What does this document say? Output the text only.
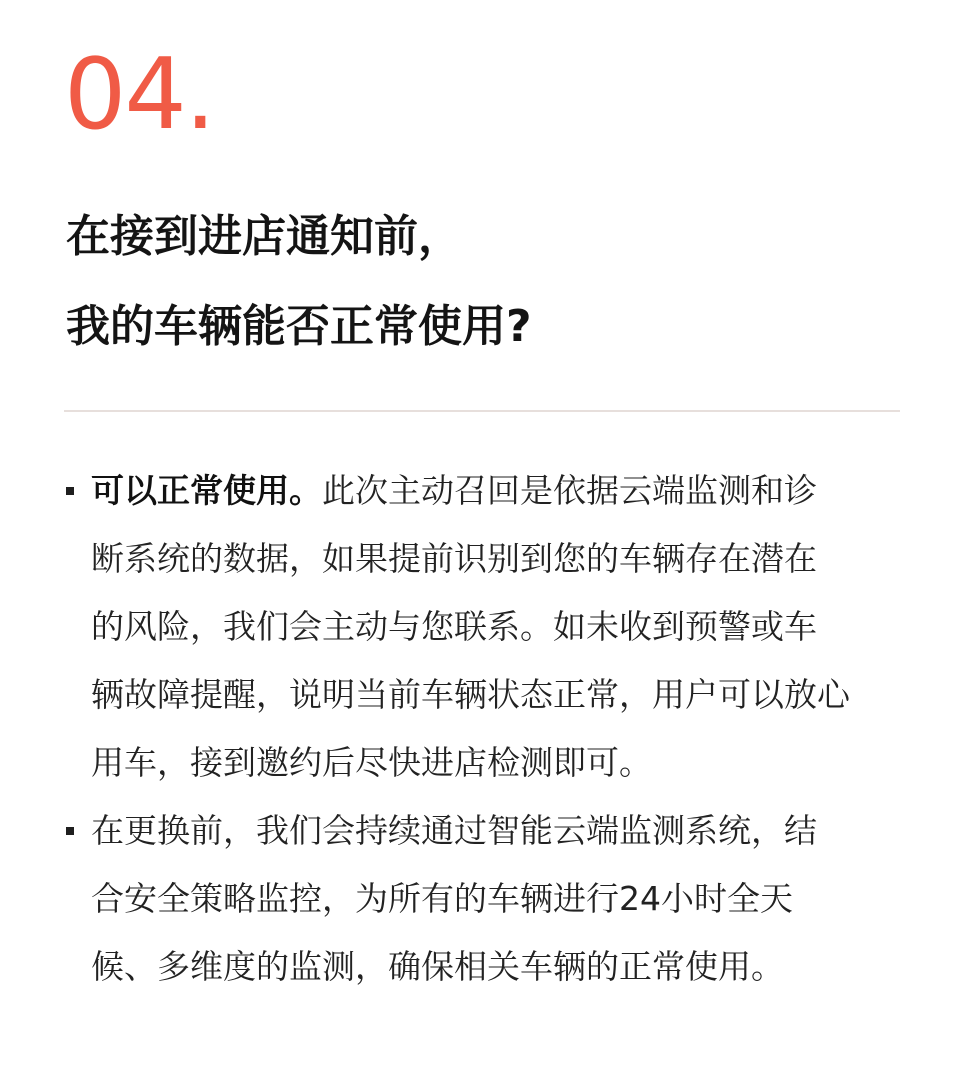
04.
在接到进店通知前，
我的车辆能否正常使用?
可以正常使用。此次主动召回是依据云端监测和诊
断系统的数据，如果提前识别到您的车辆存在潜在
的风险，我们会主动与您联系。如未收到预警或车
辆故障提醒，说明当前车辆状态正常，用户可以放心
用车，接到邀约后尽快进店检测即可。
在更换前，我们会持续通过智能云端监测系统，结
合安全策略监控，为所有的车辆进行24小时全天
候、多维度的监测，确保相关车辆的正常使用。
